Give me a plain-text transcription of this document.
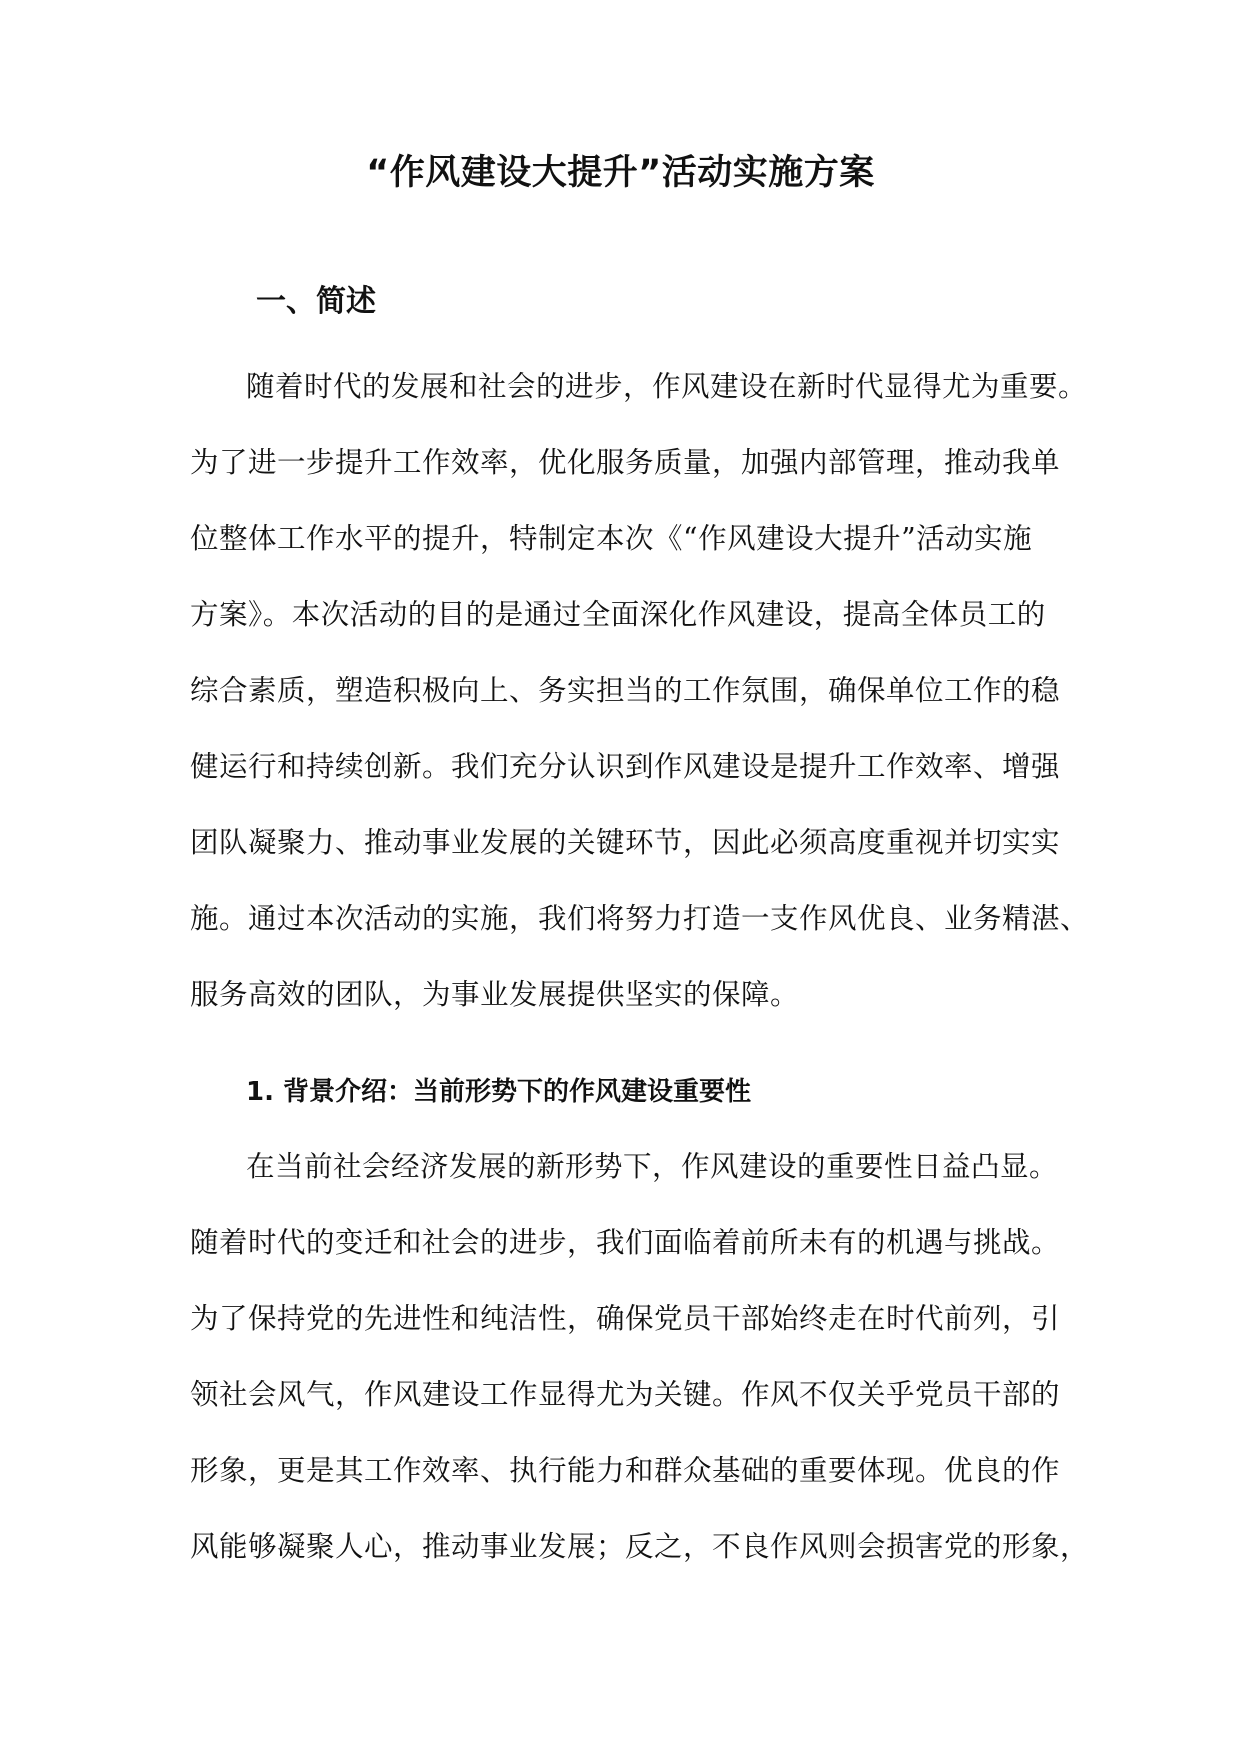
“作风建设大提升”活动实施方案
一、简述
随着时代的发展和社会的进步，作风建设在新时代显得尤为重要。
为了进一步提升工作效率，优化服务质量，加强内部管理，推动我单
位整体工作水平的提升，特制定本次《“作风建设大提升”活动实施
方案》。本次活动的目的是通过全面深化作风建设，提高全体员工的
综合素质，塑造积极向上、务实担当的工作氛围，确保单位工作的稳
健运行和持续创新。我们充分认识到作风建设是提升工作效率、增强
团队凝聚力、推动事业发展的关键环节，因此必须高度重视并切实实
施。通过本次活动的实施，我们将努力打造一支作风优良、业务精湛、
服务高效的团队，为事业发展提供坚实的保障。
1. 背景介绍：当前形势下的作风建设重要性
在当前社会经济发展的新形势下，作风建设的重要性日益凸显。
随着时代的变迁和社会的进步，我们面临着前所未有的机遇与挑战。
为了保持党的先进性和纯洁性，确保党员干部始终走在时代前列，引
领社会风气，作风建设工作显得尤为关键。作风不仅关乎党员干部的
形象，更是其工作效率、执行能力和群众基础的重要体现。优良的作
风能够凝聚人心，推动事业发展；反之，不良作风则会损害党的形象，
